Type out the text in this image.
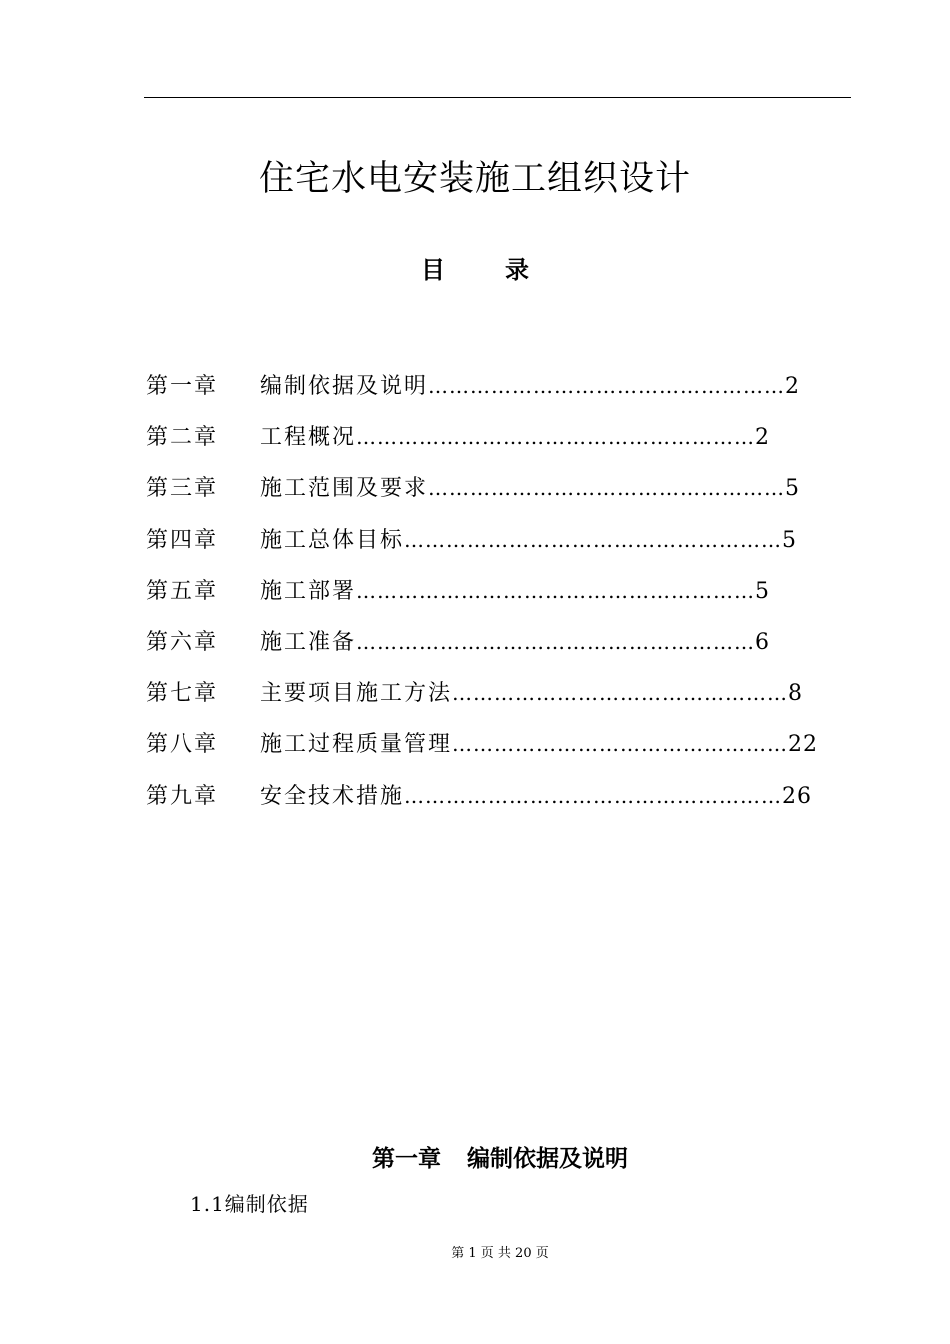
住宅水电安装施工组织设计
目	录
第一章	编制依据及说明 …………………………………………… 2
第二章	工程概况 ………………………………………………… 2
第三章	施工范围及要求 …………………………………………… 5
第四章	施工总体目标 ……………………………………………… 5
第五章	施工部署 ………………………………………………… 5
第六章	施工准备 ………………………………………………… 6
第七章	主要项目施工方法 ………………………………………… 8
第八章	施工过程质量管理 ………………………………………… 22
第九章	安全技术措施 ……………………………………………… 26
第一章 编制依据及说明
1.1编制依据
第 1 页 共 20 页
